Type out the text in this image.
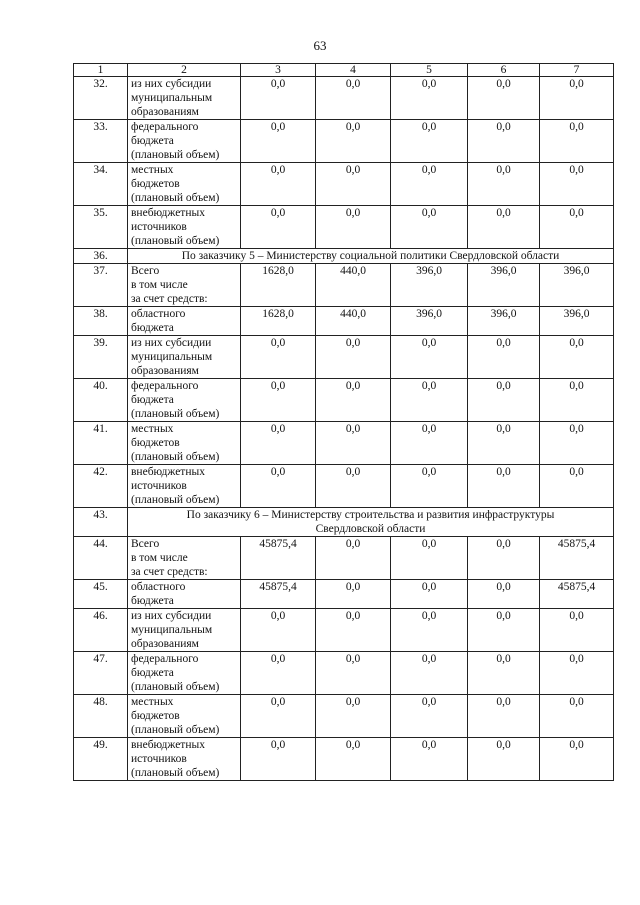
63
1	2	3	4	5	6	7
32.	из них субсидии
муниципальным
образованиям	0,0	0,0	0,0	0,0	0,0
33.	федерального
бюджета
(плановый объем)	0,0	0,0	0,0	0,0	0,0
34.	местных
бюджетов
(плановый объем)	0,0	0,0	0,0	0,0	0,0
35.	внебюджетных
источников
(плановый объем)	0,0	0,0	0,0	0,0	0,0
36.	По заказчику 5 – Министерству социальной политики Свердловской области					

37.	Всего
в том числе
за счет средств:	1628,0	440,0	396,0	396,0	396,0
38.	областного
бюджета	1628,0	440,0	396,0	396,0	396,0
39.	из них субсидии
муниципальным
образованиям	0,0	0,0	0,0	0,0	0,0
40.	федерального
бюджета
(плановый объем)	0,0	0,0	0,0	0,0	0,0
41.	местных
бюджетов
(плановый объем)	0,0	0,0	0,0	0,0	0,0
42.	внебюджетных
источников
(плановый объем)	0,0	0,0	0,0	0,0	0,0
43.	По заказчику 6 – Министерству строительства и развития инфраструктуры
Свердловской области					

44.	Всего
в том числе
за счет средств:	45875,4	0,0	0,0	0,0	45875,4
45.	областного
бюджета	45875,4	0,0	0,0	0,0	45875,4
46.	из них субсидии
муниципальным
образованиям	0,0	0,0	0,0	0,0	0,0
47.	федерального
бюджета
(плановый объем)	0,0	0,0	0,0	0,0	0,0
48.	местных
бюджетов
(плановый объем)	0,0	0,0	0,0	0,0	0,0
49.	внебюджетных
источников
(плановый объем)	0,0	0,0	0,0	0,0	0,0
